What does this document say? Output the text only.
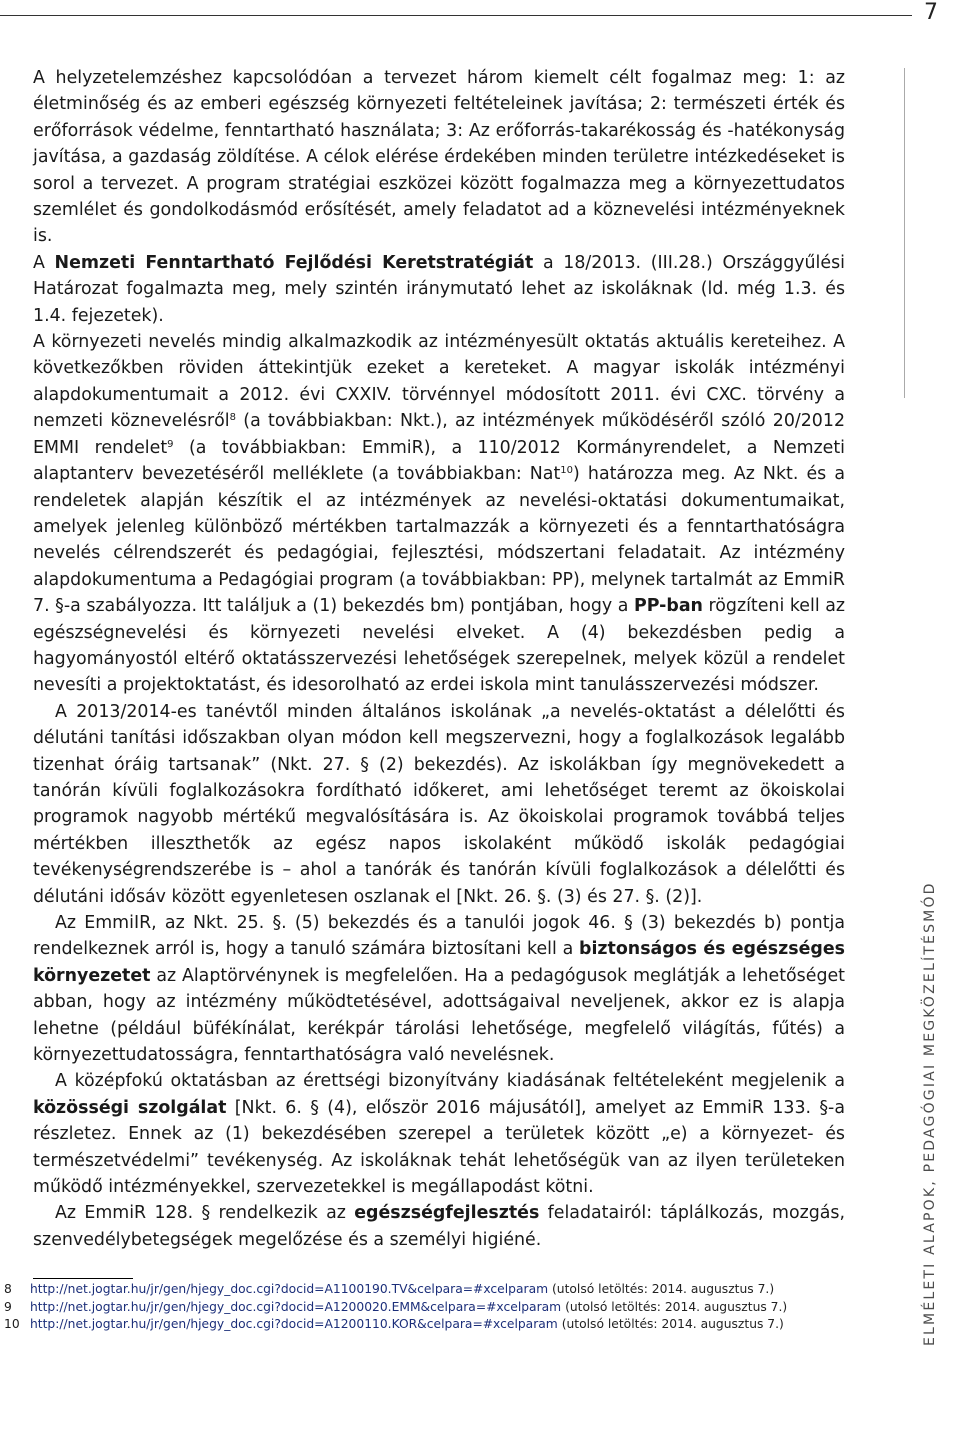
7
ELMÉLETI ALAPOK, PEDAGÓGIAI MEGKÖZELÍTÉSMÓD

A helyzetelemzéshez kapcsolódóan a tervezet három kiemelt célt fogalmaz meg: 1: az életminőség és az emberi egészség környezeti feltételeinek javítása; 2: természeti érték és erőforrások védelme, fenntartható használata; 3: Az erőforrás-takarékosság és -hatékonyság javítása, a gazdaság zöldítése. A célok elérése érdekében minden területre intézkedéseket is sorol a tervezet. A program stratégiai eszközei között fogalmazza meg a környezettudatos szemlélet és gondolkodásmód erősítését, amely feladatot ad a köznevelési intézményeknek is.

A Nemzeti Fenntartható Fejlődési Keretstratégiát a 18/2013. (III.28.) Országgyűlési Határozat fogalmazta meg, mely szintén iránymutató lehet az iskoláknak (ld. még 1.3. és 1.4. fejezetek).

A környezeti nevelés mindig alkalmazkodik az intézményesült oktatás aktuális kereteihez. A következőkben röviden áttekintjük ezeket a kereteket. A magyar iskolák intézményi alapdokumentumait a 2012. évi CXXIV. törvénnyel módosított 2011. évi CXC. törvény a nemzeti köznevelésről$^8$ (a továbbiakban: Nkt.), az intézmények működéséről szóló 20/2012 EMMI rendelet$^9$ (a továbbiakban: EmmiR), a 110/2012 Kormányrendelet, a Nemzeti alaptanterv bevezetéséről melléklete (a továbbiakban: Nat$^{10}$) határozza meg. Az Nkt. és a rendeletek alapján készítik el az intézmények az nevelési-oktatási dokumentumaikat, amelyek jelenleg különböző mértékben tartalmazzák a környezeti és a fenntarthatóságra nevelés célrendszerét és pedagógiai, fejlesztési, módszertani feladatait. Az intézmény alapdokumentuma a Pedagógiai program (a továbbiakban: PP), melynek tartalmát az EmmiR 7. §-a szabályozza. Itt találjuk a (1) bekezdés bm) pontjában, hogy a PP-ban rögzíteni kell az egészségnevelési és környezeti nevelési elveket. A (4) bekezdésben pedig a hagyományostól eltérő oktatásszervezési lehetőségek szerepelnek, melyek közül a rendelet nevesíti a projektoktatást, és idesorolható az erdei iskola mint tanulásszervezési módszer.

A 2013/2014-es tanévtől minden általános iskolának „a nevelés-oktatást a délelőtti és délutáni tanítási időszakban olyan módon kell megszervezni, hogy a foglalkozások legalább tizenhat óráig tartsanak” (Nkt. 27. § (2) bekezdés). Az iskolákban így megnövekedett a tanórán kívüli foglalkozásokra fordítható időkeret, ami lehetőséget teremt az ökoiskolai programok nagyobb mértékű megvalósítására is. Az ökoiskolai programok továbbá teljes mértékben illeszthetők az egész napos iskolaként működő iskolák pedagógiai tevékenységrendszerébe is – ahol a tanórák és tanórán kívüli foglalkozások a délelőtti és délutáni idősáv között egyenletesen oszlanak el [Nkt. 26. §. (3) és 27. §. (2)].

Az EmmiIR, az Nkt. 25. §. (5) bekezdés és a tanulói jogok 46. § (3) bekezdés b) pontja rendelkeznek arról is, hogy a tanuló számára biztosítani kell a biztonságos és egészséges környezetet az Alaptörvénynek is megfelelően. Ha a pedagógusok meglátják a lehetőséget abban, hogy az intézmény működtetésével, adottságaival neveljenek, akkor ez is alapja lehetne (például büfékínálat, kerékpár tárolási lehetősége, megfelelő világítás, fűtés) a környezettudatosságra, fenntarthatóságra való nevelésnek.

A középfokú oktatásban az érettségi bizonyítvány kiadásának feltételeként megjelenik a közösségi szolgálat [Nkt. 6. § (4), először 2016 májusától], amelyet az EmmiR 133. §-a részletez. Ennek az (1) bekezdésében szerepel a területek között „e) a környezet- és természetvédelmi” tevékenység. Az iskoláknak tehát lehetőségük van az ilyen területeken működő intézményekkel, szervezetekkel is megállapodást kötni.

Az EmmiR 128. § rendelkezik az egészségfejlesztés feladatairól: táplálkozás, mozgás, szenvedélybetegségek megelőzése és a személyi higiéné.

8 http://net.jogtar.hu/jr/gen/hjegy_doc.cgi?docid=A1100190.TV&celpara=#xcelparam (utolsó letöltés: 2014. augusztus 7.)
9 http://net.jogtar.hu/jr/gen/hjegy_doc.cgi?docid=A1200020.EMM&celpara=#xcelparam (utolsó letöltés: 2014. augusztus 7.)
10 http://net.jogtar.hu/jr/gen/hjegy_doc.cgi?docid=A1200110.KOR&celpara=#xcelparam (utolsó letöltés: 2014. augusztus 7.)
